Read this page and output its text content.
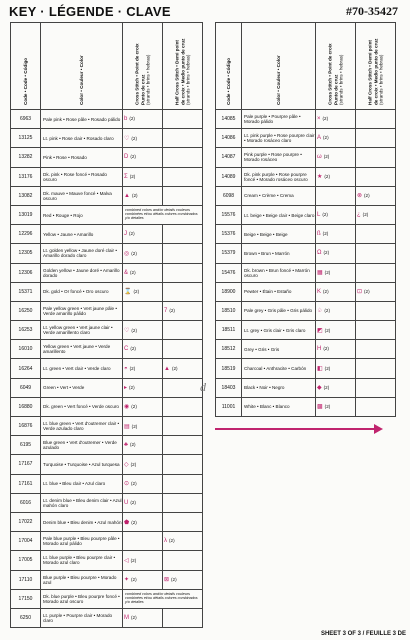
KEY · LÉGENDE · CLAVE	#70-35427
Code • Code • Código	Color • Couleur • Color	Cross Stitch • Point de croix
Punto de cruz
(strands • brins • hebras)	Half Cross Stitch • Demi point
de croix • Medio punto de cruz
(strands • brins • hebras)

6963	Pale pink • Rose pâle • Rosado pálido	b (2)	
13125	Lt. pink • Rose clair • Rosado claro	♡ (2)	
13282	Pink • Rose • Rosado	D (2)	
13176	Dk. pink • Rose foncé • Rosado oscuro	Σ (2)	
13082	Dk. mauve • Mauve foncé • Malva oscuro	▲ (2)	
13019	Red • Rouge • Rojo	combined colors and/or details couleurs combinées et/ou détails colores combinados y/o detalles	
12296	Yellow • Jaune • Amarillo	J (2)	
12305	Lt. golden yellow • Jaune doré clair • Amarillo dorado claro	◎ (2)	
12306	Golden yellow • Jaune doré • Amarillo dorado	& (2)	
15371	Dk. gold • Or foncé • Oro oscuro	⌛ (2)	
16250	Pale yellow green • Vert jaune pâle • Verde amarillo pálido		7 (2)
16253	Lt. yellow green • Vert jaune clair • Verde amarillento claro	♡ (2)	
16010	Yellow green • Vert jaune • Verde amarillento	C (2)	
16264	Lt. green • Vert clair • Verde claro	◓ (2)	▲ (2)
6049	Green • Vert • Verde	▸ (2)	
16880	Dk. green • Vert foncé • Verde oscuro	◉ (2)	
16876	Lt. blue green • Vert d'outremer clair • Verde azulado claro	▤ (2)	
6195	Blue green • Vert d'outremer • Verde azulado	♣ (2)	
17167	Turquoise • Turquoise • Azul turquesa	◇ (2)	
17161	Lt. blue • Bleu clair • Azul claro	⊙ (2)	
6016	Lt. denim blue • Bleu denim clair • Azul mahón claro	U (2)	
17022	Denim blue • Bleu denim • Azul mahón	⬟ (2)	
17004	Pale blue purple • Bleu pourpre pâle • Morado azul pálido		λ (2)
17005	Lt. blue purple • Bleu pourpre clair • Morado azul claro	◁ (2)	
17110	Blue purple • Bleu pourpre • Morado azul	✦ (2)	⊠ (2)
17150	Dk. blue purple • Bleu pourpre foncé • Morado azul oscuro	combined colors and/or details couleurs combinées et/ou détails colores combinados y/o detalles	
6250	Lt. purple • Pourpre clair • Morado claro	M (2)	
Code • Code • Código	Color • Couleur • Color	Cross Stitch • Point de croix
Punto de cruz
(strands • brins • hebras)	Half Cross Stitch • Demi point
de croix • Medio punto de cruz
(strands • brins • hebras)

14085	Pale purple • Pourpre pâle • Morado pálido	× (2)	
14086	Lt. pink purple • Rose pourpre clair • Morado rosáceo claro	A (2)	
14087	Pink purple • Rose pourpre • Morado rosáceo	ω (2)	
14089	Dk. pink purple • Rose pourpre foncé • Morado rosáceo oscuro	★ (2)	
6098	Cream • Crème • Crema		⊗ (2)
15576	Lt. beige • Beige clair • Beige claro	L (2)	¿ (2)
15376	Beige • Beige • Beige	ß (2)	
15379	Brown • Brun • Marrón	Ω (2)	
15476	Dk. brown • Brun foncé • Marrón oscuro	▦ (2)	
18900	Pewter • Étain • Estaño	K (2)	⊡ (2)
18510	Pale grey • Gris pâle • Gris pálido	♤ (2)	
18511	Lt. grey • Gris clair • Gris claro	◩ (2)	
18512	Grey • Gris • Gris	H (2)	
18519	Charcoal • Anthracite • Carbón	◧ (2)	
18403	Black • Noir • Negro	◆ (2)	
11001	White • Blanc • Blanco	▩ (2)	
d
SHEET 3 OF 3 / FEUILLE 3 DE
